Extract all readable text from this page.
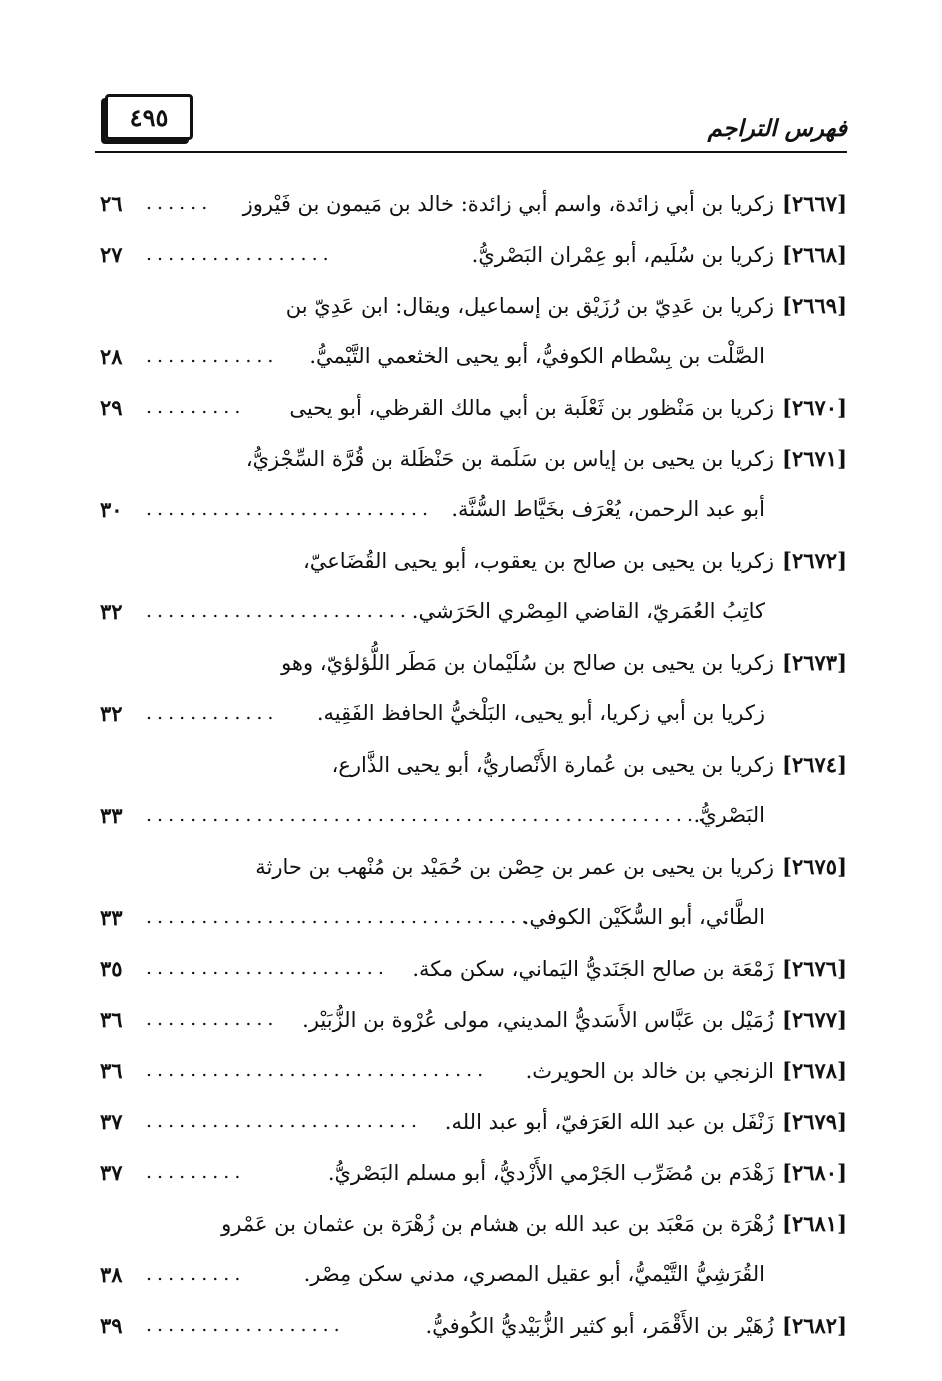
فهرس التراجم
٤٩٥
[٢٦٦٧]زكريا بن أبي زائدة، واسم أبي زائدة: خالد بن مَيمون بن فَيْروز
......
٢٦
[٢٦٦٨]زكريا بن سُلَيم، أبو عِمْران البَصْريُّ.
.................
٢٧
[٢٦٦٩]زكريا بن عَدِيّ بن رُزَيْق بن إسماعيل، ويقال: ابن عَدِيّ بن
الصَّلْت بن بِسْطام الكوفيُّ، أبو يحيى الخثعمي التَّيْميُّ.
............
٢٨
[٢٦٧٠]زكريا بن مَنْظور بن ثَعْلَبة بن أبي مالك القرظي، أبو يحيى
.........
٢٩
[٢٦٧١]زكريا بن يحيى بن إياس بن سَلَمة بن حَنْظَلة بن قُرَّة السِّجْزيُّ،
أبو عبد الرحمن، يُعْرَف بخَيَّاط السُّنَّة.
..........................
٣٠
[٢٦٧٢]زكريا بن يحيى بن صالح بن يعقوب، أبو يحيى القُضَاعيّ،
كاتِبُ العُمَريّ، القاضي المِصْري الحَرَشي.
........................
٣٢
[٢٦٧٣]زكريا بن يحيى بن صالح بن سُلَيْمان بن مَطَر اللُّؤلؤيّ، وهو
زكريا بن أبي زكريا، أبو يحيى، البَلْخيُّ الحافظ الفَقِيه.
............
٣٢
[٢٦٧٤]زكريا بن يحيى بن عُمارة الأَنْصاريُّ، أبو يحيى الذَّارع،
البَصْريُّ.
...................................................
٣٣
[٢٦٧٥]زكريا بن يحيى بن عمر بن حِصْن بن حُمَيْد بن مُنْهب بن حارثة
الطَّائي، أبو السُّكَيْن الكوفي.
...................................
٣٣
[٢٦٧٦]زَمْعَة بن صالح الجَنَديُّ اليَماني، سكن مكة.
......................
٣٥
[٢٦٧٧]زُمَيْل بن عَبَّاس الأَسَديُّ المديني، مولى عُرْوة بن الزُّبَيْر.
............
٣٦
[٢٦٧٨]الزنجي بن خالد بن الحويرث.
...............................
٣٦
[٢٦٧٩]زَنْفَل بن عبد الله العَرَفيّ، أبو عبد الله.
.........................
٣٧
[٢٦٨٠]زَهْدَم بن مُضَرِّب الجَرْمي الأَزْديُّ، أبو مسلم البَصْريُّ.
.........
٣٧
[٢٦٨١]زُهْرَة بن مَعْبَد بن عبد الله بن هشام بن زُهْرَة بن عثمان بن عَمْرو
القُرَشِيُّ التَّيْميُّ، أبو عقيل المصري، مدني سكن مِصْر.
.........
٣٨
[٢٦٨٢]زُهَيْر بن الأَقْمَر، أبو كثير الزُّبَيْديُّ الكُوفيُّ.
..................
٣٩
